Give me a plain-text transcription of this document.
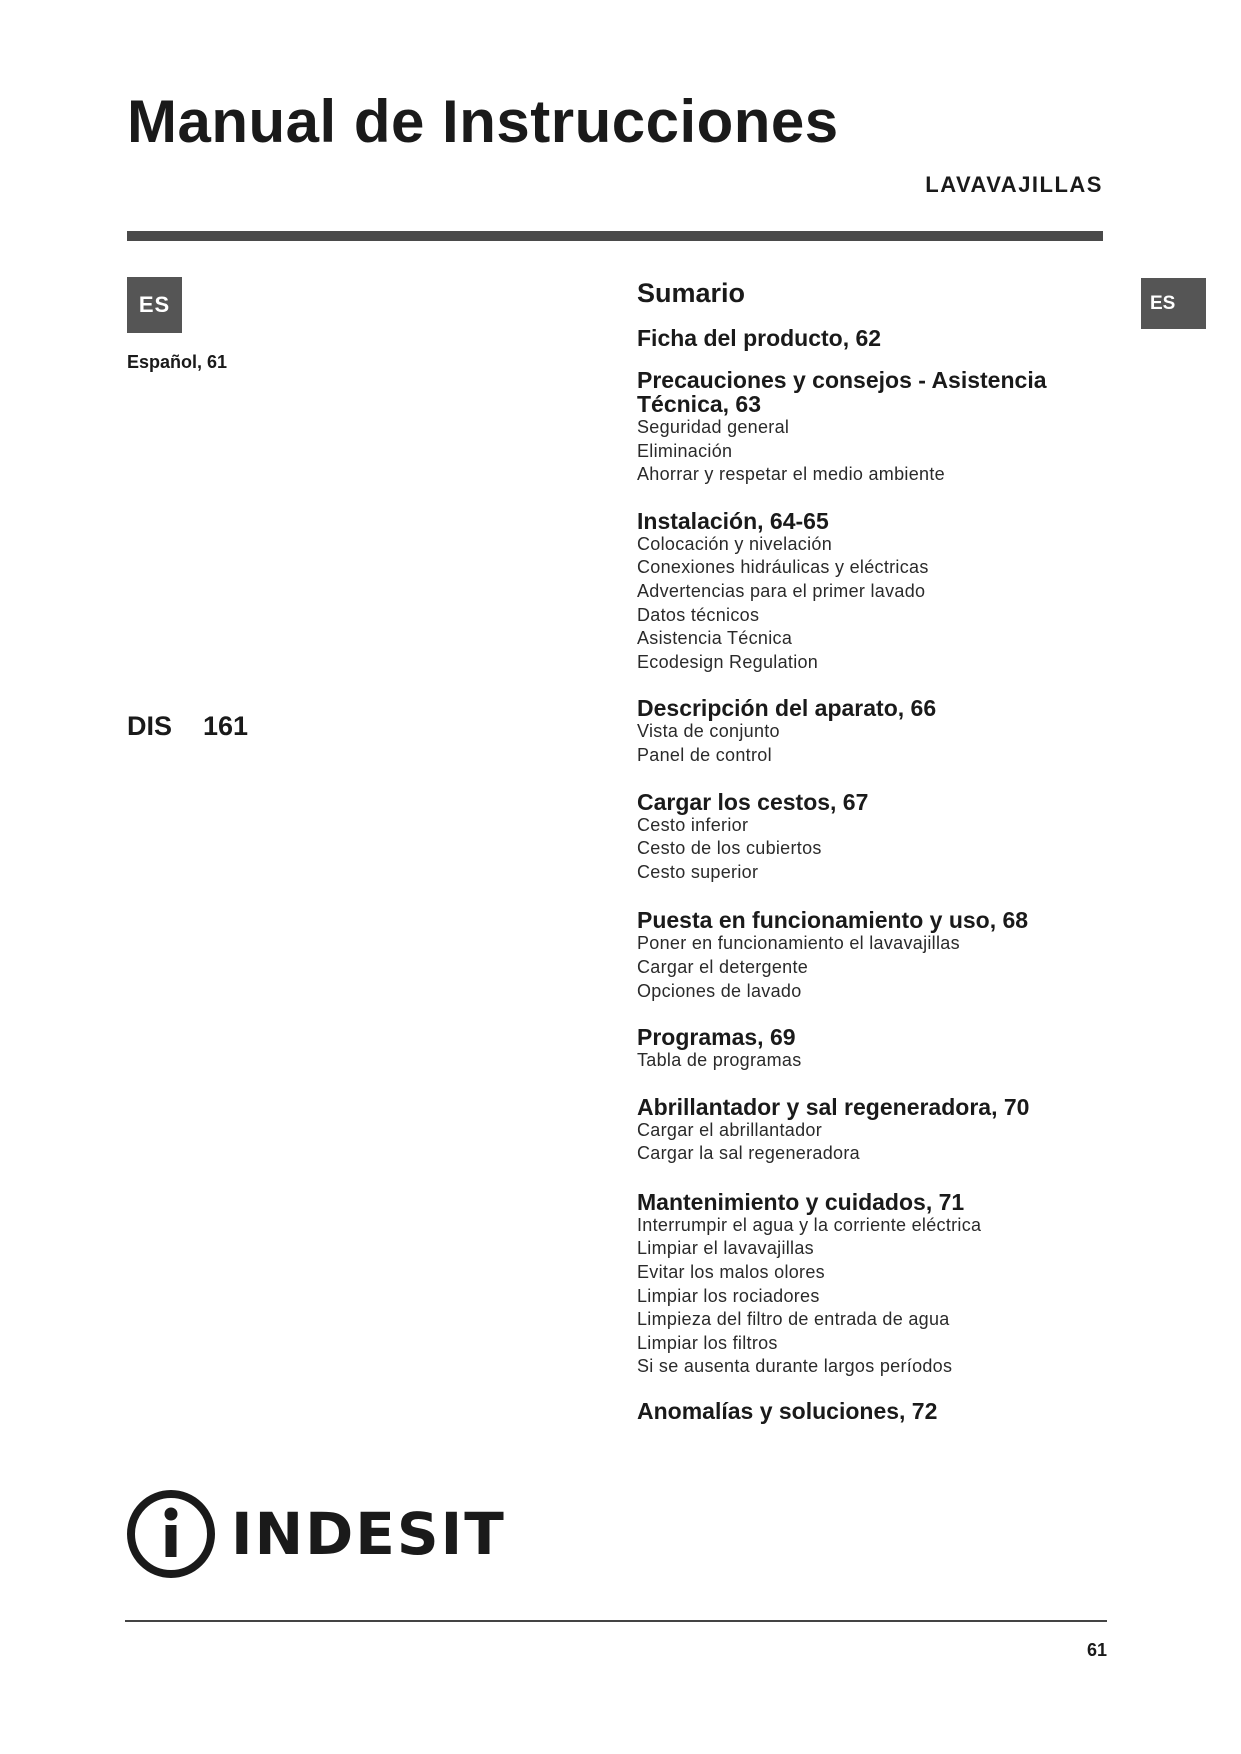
Manual de Instrucciones
LAVAVAJILLAS
ES
Español, 61
DIS  161
ES
Sumario
Ficha del producto, 62
Precauciones y consejos - Asistencia Técnica, 63
Seguridad general
Eliminación
Ahorrar y respetar el medio ambiente
Instalación, 64-65
Colocación y nivelación
Conexiones hidráulicas y eléctricas
Advertencias para el primer lavado
Datos técnicos
Asistencia Técnica
Ecodesign Regulation
Descripción del aparato, 66
Vista de conjunto
Panel de control
Cargar los cestos, 67
Cesto inferior
Cesto de los cubiertos
Cesto superior
Puesta en funcionamiento y uso, 68
Poner en funcionamiento el lavavajillas
Cargar el detergente
Opciones de lavado
Programas, 69
Tabla de programas
Abrillantador y sal regeneradora, 70
Cargar el abrillantador
Cargar la sal regeneradora
Mantenimiento y cuidados, 71
Interrumpir el agua y la corriente eléctrica
Limpiar el lavavajillas
Evitar los malos olores
Limpiar los rociadores
Limpieza del filtro de entrada de agua
Limpiar los filtros
Si se ausenta durante largos períodos
Anomalías y soluciones, 72
INDESIT
61
